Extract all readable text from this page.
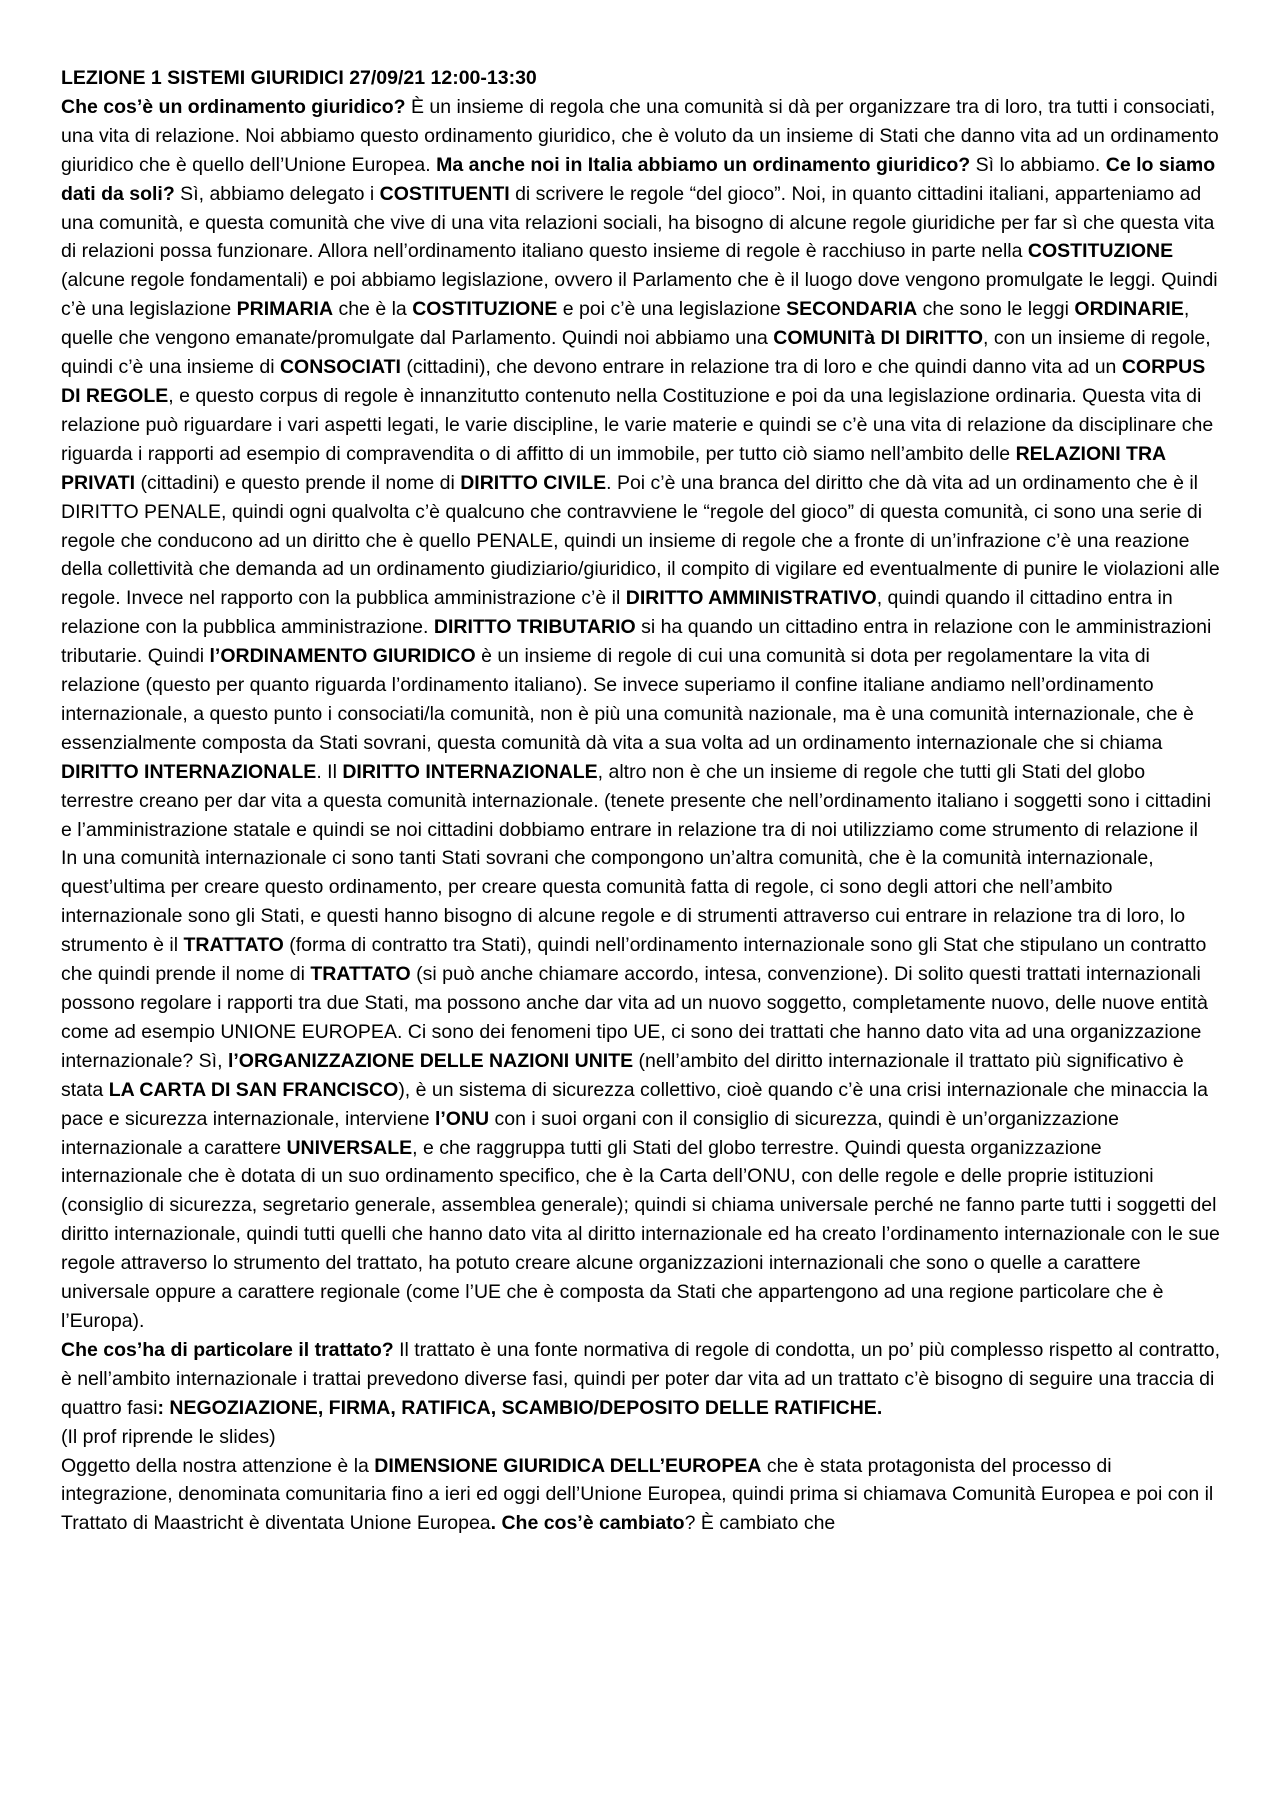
LEZIONE 1 SISTEMI GIURIDICI 27/09/21 12:00-13:30

Che cos’è un ordinamento giuridico? È un insieme di regola che una comunità si dà per organizzare tra di loro, tra tutti i consociati, una vita di relazione. Noi abbiamo questo ordinamento giuridico, che è voluto da un insieme di Stati che danno vita ad un ordinamento giuridico che è quello dell’Unione Europea. Ma anche noi in Italia abbiamo un ordinamento giuridico? Sì lo abbiamo. Ce lo siamo dati da soli? Sì, abbiamo delegato i COSTITUENTI di scrivere le regole “del gioco”. Noi, in quanto cittadini italiani, apparteniamo ad una comunità, e questa comunità che vive di una vita relazioni sociali, ha bisogno di alcune regole giuridiche per far sì che questa vita di relazioni possa funzionare. Allora nell’ordinamento italiano questo insieme di regole è racchiuso in parte nella COSTITUZIONE (alcune regole fondamentali) e poi abbiamo legislazione, ovvero il Parlamento che è il luogo dove vengono promulgate le leggi. Quindi c’è una legislazione PRIMARIA che è la COSTITUZIONE e poi c’è una legislazione SECONDARIA che sono le leggi ORDINARIE, quelle che vengono emanate/promulgate dal Parlamento. Quindi noi abbiamo una COMUNITà DI DIRITTO, con un insieme di regole, quindi c’è una insieme di CONSOCIATI (cittadini), che devono entrare in relazione tra di loro e che quindi danno vita ad un CORPUS DI REGOLE, e questo corpus di regole è innanzitutto contenuto nella Costituzione e poi da una legislazione ordinaria. Questa vita di relazione può riguardare i vari aspetti legati, le varie discipline, le varie materie e quindi se c’è una vita di relazione da disciplinare che riguarda i rapporti ad esempio di compravendita o di affitto di un immobile, per tutto ciò siamo nell’ambito delle RELAZIONI TRA PRIVATI (cittadini) e questo prende il nome di DIRITTO CIVILE. Poi c’è una branca del diritto che dà vita ad un ordinamento che è il DIRITTO PENALE, quindi ogni qualvolta c’è qualcuno che contravviene le “regole del gioco” di questa comunità, ci sono una serie di regole che conducono ad un diritto che è quello PENALE, quindi un insieme di regole che a fronte di un’infrazione c’è una reazione della collettività che demanda ad un ordinamento giudiziario/giuridico, il compito di vigilare ed eventualmente di punire le violazioni alle regole. Invece nel rapporto con la pubblica amministrazione c’è il DIRITTO AMMINISTRATIVO, quindi quando il cittadino entra in relazione con la pubblica amministrazione. DIRITTO TRIBUTARIO si ha quando un cittadino entra in relazione con le amministrazioni tributarie. Quindi l’ORDINAMENTO GIURIDICO è un insieme di regole di cui una comunità si dota per regolamentare la vita di relazione (questo per quanto riguarda l’ordinamento italiano). Se invece superiamo il confine italiane andiamo nell’ordinamento internazionale, a questo punto i consociati/la comunità, non è più una comunità nazionale, ma è una comunità internazionale, che è essenzialmente composta da Stati sovrani, questa comunità dà vita a sua volta ad un ordinamento internazionale che si chiama DIRITTO INTERNAZIONALE. Il DIRITTO INTERNAZIONALE, altro non è che un insieme di regole che tutti gli Stati del globo terrestre creano per dar vita a questa comunità internazionale. (tenete presente che nell’ordinamento italiano i soggetti sono i cittadini e l’amministrazione statale e quindi se noi cittadini dobbiamo entrare in relazione tra di noi utilizziamo come strumento di relazione il

In una comunità internazionale ci sono tanti Stati sovrani che compongono un’altra comunità, che è la comunità internazionale, quest’ultima per creare questo ordinamento, per creare questa comunità fatta di regole, ci sono degli attori che nell’ambito internazionale sono gli Stati, e questi hanno bisogno di alcune regole e di strumenti attraverso cui entrare in relazione tra di loro, lo strumento è il TRATTATO (forma di contratto tra Stati), quindi nell’ordinamento internazionale sono gli Stat che stipulano un contratto che quindi prende il nome di TRATTATO (si può anche chiamare accordo, intesa, convenzione). Di solito questi trattati internazionali possono regolare i rapporti tra due Stati, ma possono anche dar vita ad un nuovo soggetto, completamente nuovo, delle nuove entità come ad esempio UNIONE EUROPEA. Ci sono dei fenomeni tipo UE, ci sono dei trattati che hanno dato vita ad una organizzazione internazionale? Sì, l’ORGANIZZAZIONE DELLE NAZIONI UNITE (nell’ambito del diritto internazionale il trattato più significativo è stata LA CARTA DI SAN FRANCISCO), è un sistema di sicurezza collettivo, cioè quando c’è una crisi internazionale che minaccia la pace e sicurezza internazionale, interviene l’ONU con i suoi organi con il consiglio di sicurezza, quindi è un’organizzazione internazionale a carattere UNIVERSALE, e che raggruppa tutti gli Stati del globo terrestre. Quindi questa organizzazione internazionale che è dotata di un suo ordinamento specifico, che è la Carta dell’ONU, con delle regole e delle proprie istituzioni (consiglio di sicurezza, segretario generale, assemblea generale); quindi si chiama universale perché ne fanno parte tutti i soggetti del diritto internazionale, quindi tutti quelli che hanno dato vita al diritto internazionale ed ha creato l’ordinamento internazionale con le sue regole attraverso lo strumento del trattato, ha potuto creare alcune organizzazioni internazionali che sono o quelle a carattere universale oppure a carattere regionale (come l’UE che è composta da Stati che appartengono ad una regione particolare che è l’Europa).

Che cos’ha di particolare il trattato? Il trattato è una fonte normativa di regole di condotta, un po’ più complesso rispetto al contratto, è nell’ambito internazionale i trattai prevedono diverse fasi, quindi per poter dar vita ad un trattato c’è bisogno di seguire una traccia di quattro fasi: NEGOZIAZIONE, FIRMA, RATIFICA, SCAMBIO/DEPOSITO DELLE RATIFICHE.

(Il prof riprende le slides)

Oggetto della nostra attenzione è la DIMENSIONE GIURIDICA DELL’EUROPEA che è stata protagonista del processo di integrazione, denominata comunitaria fino a ieri ed oggi dell’Unione Europea, quindi prima si chiamava Comunità Europea e poi con il Trattato di Maastricht è diventata Unione Europea. Che cos’è cambiato? È cambiato che
